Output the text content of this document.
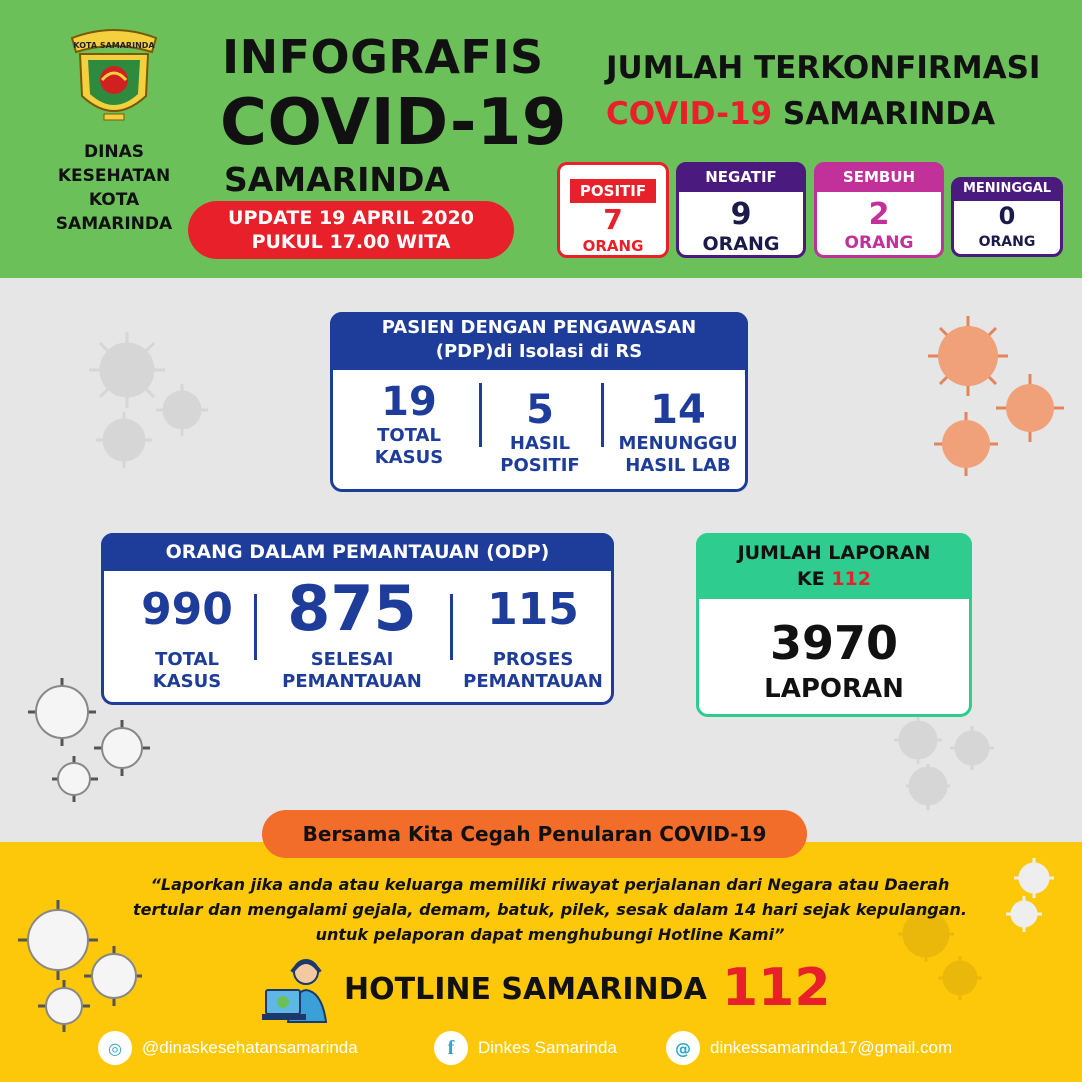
KOTA SAMARINDA
DINAS
KESEHATAN
KOTA
SAMARINDA
INFOGRAFIS
COVID-19
SAMARINDA
UPDATE 19 APRIL 2020
PUKUL 17.00 WITA
JUMLAH TERKONFIRMASI
COVID-19 SAMARINDA
POSITIF
7
ORANG
NEGATIF
9
ORANG
SEMBUH
2
ORANG
MENINGGAL
0
ORANG
PASIEN DENGAN PENGAWASAN
(PDP)di Isolasi di RS
19
TOTAL
KASUS
5
HASIL
POSITIF
14
MENUNGGU
HASIL LAB
ORANG DALAM PEMANTAUAN (ODP)
990
TOTAL
KASUS
875
SELESAI
PEMANTAUAN
115
PROSES
PEMANTAUAN
JUMLAH LAPORAN
KE 112
3970
LAPORAN
Bersama Kita Cegah Penularan COVID-19
“Laporkan jika anda atau keluarga memiliki riwayat perjalanan dari Negara atau Daerah
tertular dan mengalami gejala, demam, batuk, pilek, sesak dalam 14 hari sejak kepulangan.
untuk pelaporan dapat menghubungi Hotline Kami”
HOTLINE SAMARINDA 112
◎	@dinaskesehatansamarinda	f	Dinkes Samarinda	@	dinkessamarinda17@gmail.com
